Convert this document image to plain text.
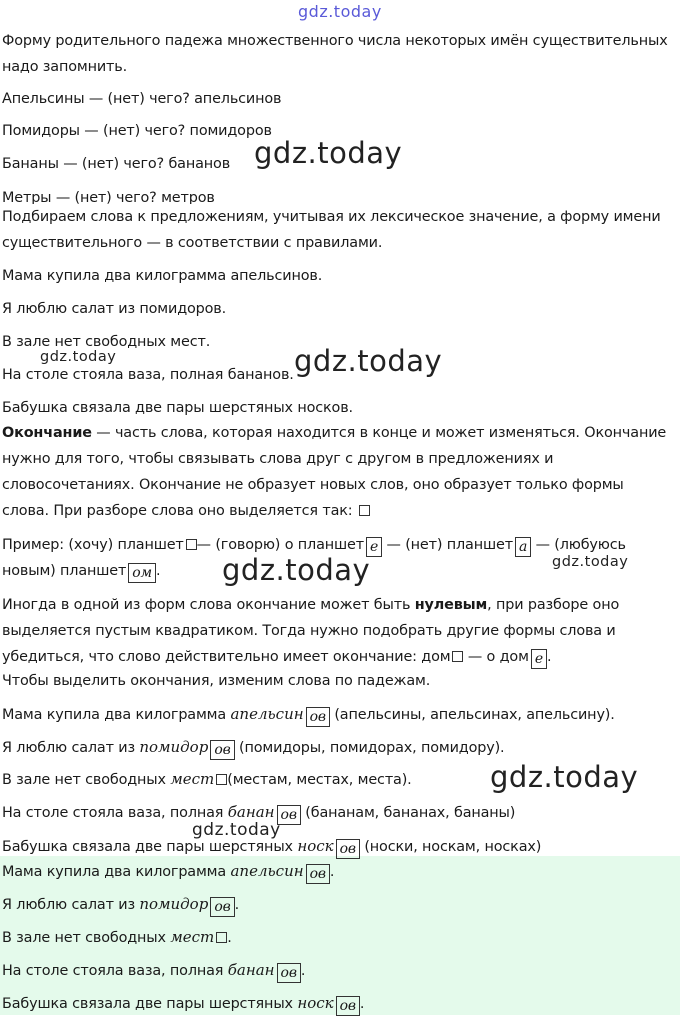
Форму родительного падежа множественного числа некоторых имён существительных

надо запомнить.

Апельсины — (нет) чего? апельсинов

Помидоры — (нет) чего? помидоров

Бананы — (нет) чего? бананов

Метры — (нет) чего? метров

Подбираем слова к предложениям, учитывая их лексическое значение, а форму имени

существительного — в соответствии с правилами.

Мама купила два килограмма апельсинов.

Я люблю салат из помидоров.

В зале нет свободных мест.

На столе стояла ваза, полная бананов.

Бабушка связала две пары шерстяных носков.

Окончание — часть слова, которая находится в конце и может изменяться. Окончание

нужно для того, чтобы связывать слова друг с другом в предложениях и

словосочетаниях. Окончание не образует новых слов, оно образует только формы

слова. При разборе слова оно выделяется так:

Пример: (хочу) планшет — (говорю) о планшет е — (нет) планшет а — (любуюсь

новым) планшет ом .

Иногда в одной из форм слова окончание может быть нулевым, при разборе оно

выделяется пустым квадратиком. Тогда нужно подобрать другие формы слова и

убедиться, что слово действительно имеет окончание: дом — о дом е .

Чтобы выделить окончания, изменим слова по падежам.

Мама купила два килограмма апельсин ов (апельсины, апельсинах, апельсину).

Я люблю салат из помидор ов (помидоры, помидорах, помидору).

В зале нет свободных мест (местам, местах, места).

На столе стояла ваза, полная банан ов (бананам, бананах, бананы)

Бабушка связала две пары шерстяных носк ов (носки, носкам, носках)

Мама купила два килограмма апельсин ов .

Я люблю салат из помидор ов .

В зале нет свободных мест .

На столе стояла ваза, полная банан ов .

Бабушка связала две пары шерстяных носк ов .

gdz.today
gdz.today
gdz.today	gdz.today
gdz.today	gdz.today
gdz.today
gdz.today
